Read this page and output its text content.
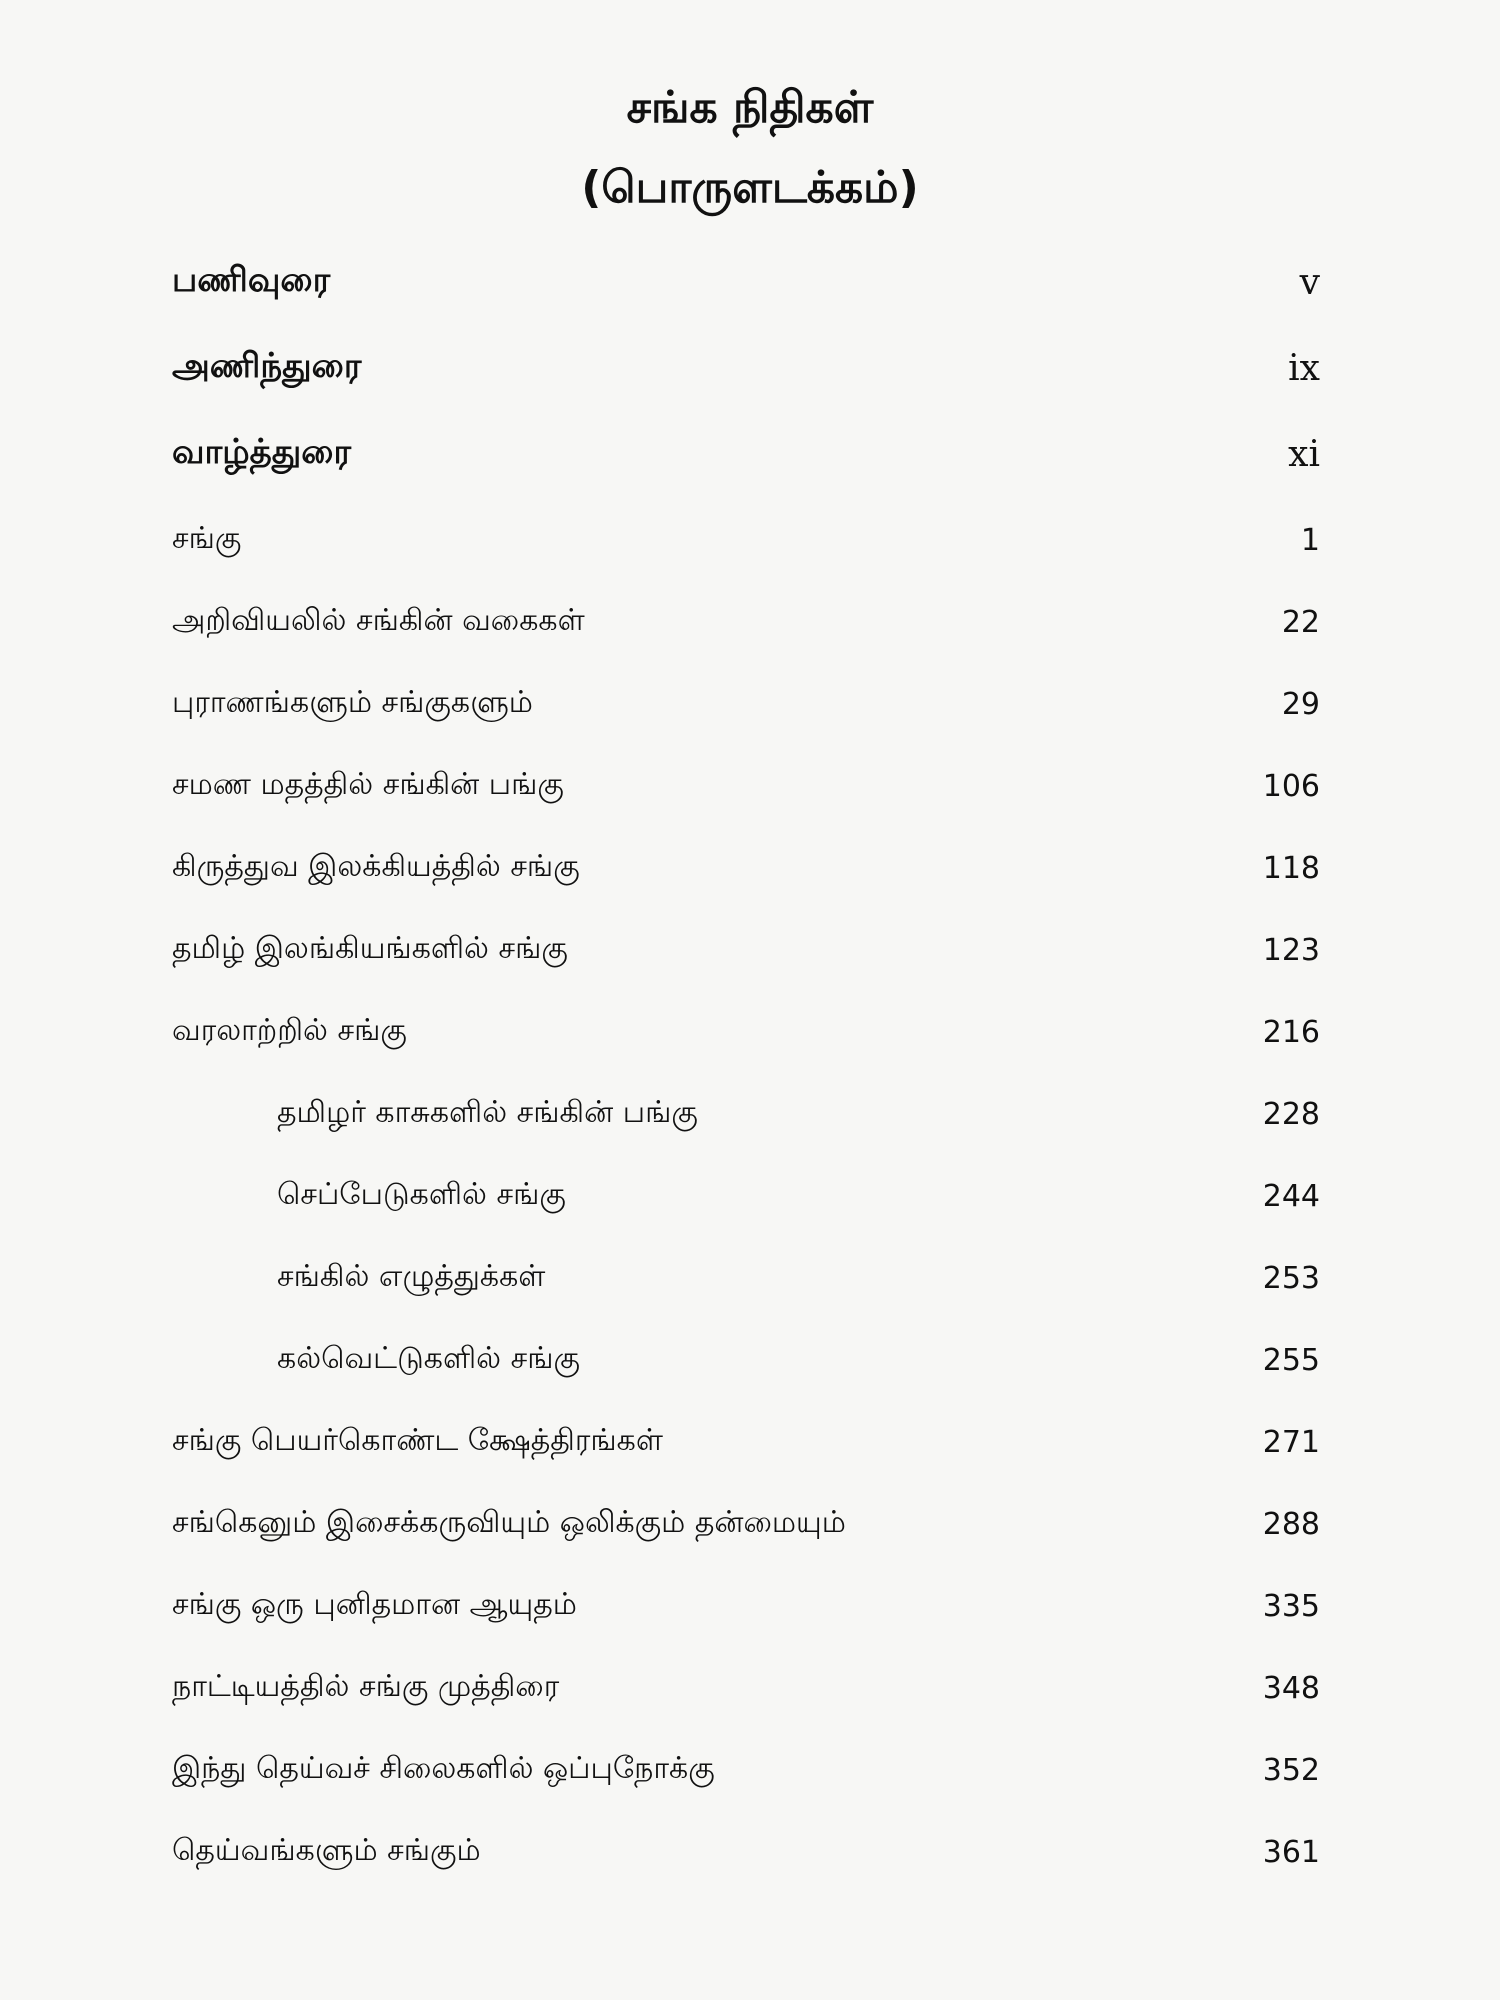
சங்க நிதிகள்
(பொருளடக்கம்)
பணிவுரை	v
அணிந்துரை	ix
வாழ்த்துரை	xi
சங்கு	1
அறிவியலில் சங்கின் வகைகள்	22
புராணங்களும் சங்குகளும்	29
சமண மதத்தில் சங்கின் பங்கு	106
கிருத்துவ இலக்கியத்தில் சங்கு	118
தமிழ் இலங்கியங்களில் சங்கு	123
வரலாற்றில் சங்கு	216
தமிழர் காசுகளில் சங்கின் பங்கு	228
செப்பேடுகளில் சங்கு	244
சங்கில் எழுத்துக்கள்	253
கல்வெட்டுகளில் சங்கு	255
சங்கு பெயர்கொண்ட க்ஷேத்திரங்கள்	271
சங்கெனும் இசைக்கருவியும் ஒலிக்கும் தன்மையும்	288
சங்கு ஒரு புனிதமான ஆயுதம்	335
நாட்டியத்தில் சங்கு முத்திரை	348
இந்து தெய்வச் சிலைகளில் ஒப்புநோக்கு	352
தெய்வங்களும் சங்கும்	361
